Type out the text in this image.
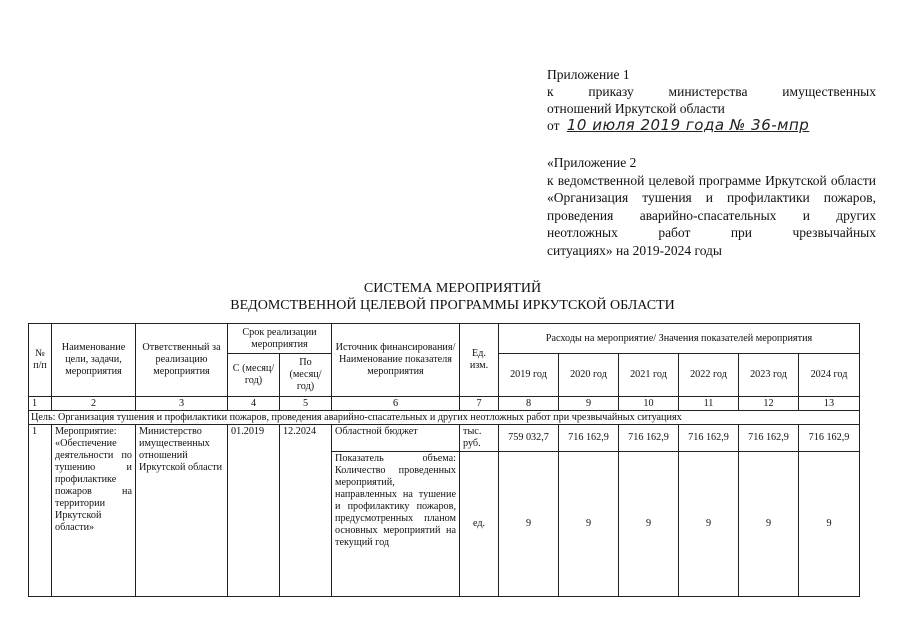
Приложение 1
к	приказу	министерства	имущественных
отношений Иркутской области
от 10 июля 2019 года № 36-мпр
«Приложение 2
к ведомственной целевой программе Иркутской области «Организация тушения и профилактики пожаров, проведения аварийно-спасательных и других неотложных работ при чрезвычайных
ситуациях» на 2019-2024 годы
СИСТЕМА МЕРОПРИЯТИЙ
ВЕДОМСТВЕННОЙ ЦЕЛЕВОЙ ПРОГРАММЫ ИРКУТСКОЙ ОБЛАСТИ
№ п/п	Наименование цели, задачи, мероприятия	Ответственный за реализацию мероприятия	Срок реализации мероприятия		Источник финансирования/ Наименование показателя мероприятия	Ед. изм.	Расходы на мероприятие/ Значения показателей мероприятия					
			С (месяц/ год)	По (месяц/ год)			2019 год	2020 год	2021 год	2022 год	2023 год	2024 год
1	2	3	4	5	6	7	8	9	10	11	12	13
Цель: Организация тушения и профилактики пожаров, проведения аварийно-спасательных и других неотложных работ при чрезвычайных ситуациях												
1	Мероприятие: «Обеспечение деятельности по тушению и профилактике пожаров на территории Иркутской области»	Министерство имущественных отношений Иркутской области	01.2019	12.2024	Областной бюджет	тыс. руб.	759 032,7	716 162,9	716 162,9	716 162,9	716 162,9	716 162,9
					Показатель объема: Количество проведенных мероприятий, направленных на тушение и профилактику пожаров, предусмотренных планом основных мероприятий на текущий год	ед.	9	9	9	9	9	9
